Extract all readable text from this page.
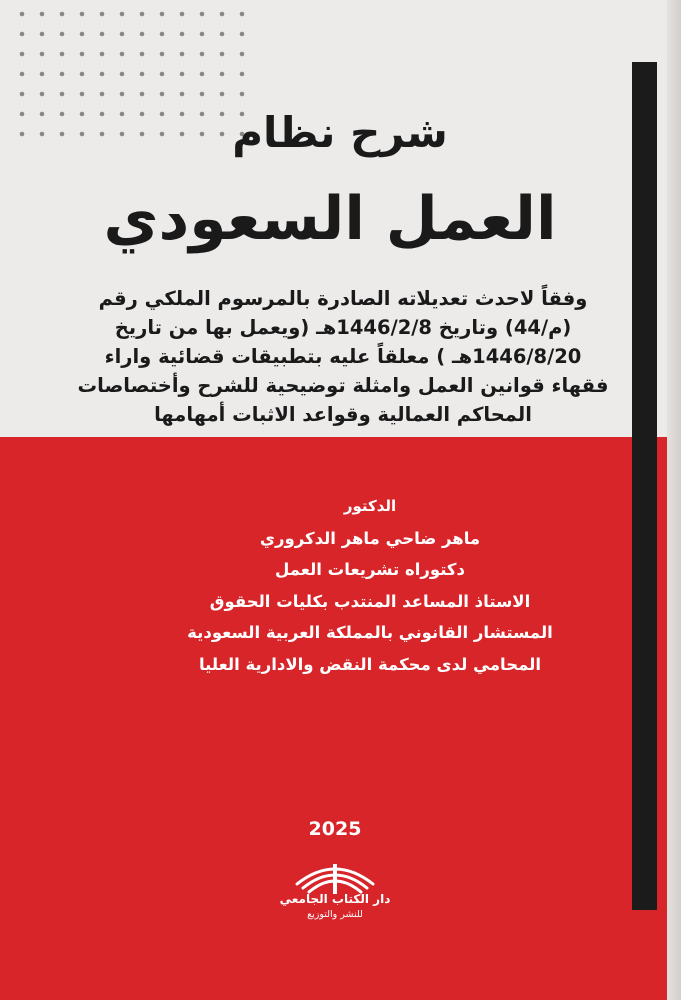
شرح نظام
العمل السعودي

وفقاً لاحدث تعديلاته الصادرة بالمرسوم الملكي رقم
(م/44) وتاريخ 1446/2/8هـ (ويعمل بها من تاريخ
1446/8/20هـ ) معلقاً عليه بتطبيقات قضائية واراء
فقهاء قوانين العمل وامثلة توضيحية للشرح وأختصاصات
المحاكم العمالية وقواعد الاثبات أمهامها

الدكتور
ماهر ضاحي ماهر الدكروري
دكتوراه تشريعات العمل
الاستاذ المساعد المنتدب بكليات الحقوق
المستشار القانوني بالمملكة العربية السعودية
المحامي لدى محكمة النقض والادارية العليا
2025
دار الكتاب الجامعي
للنشر والتوزيع
